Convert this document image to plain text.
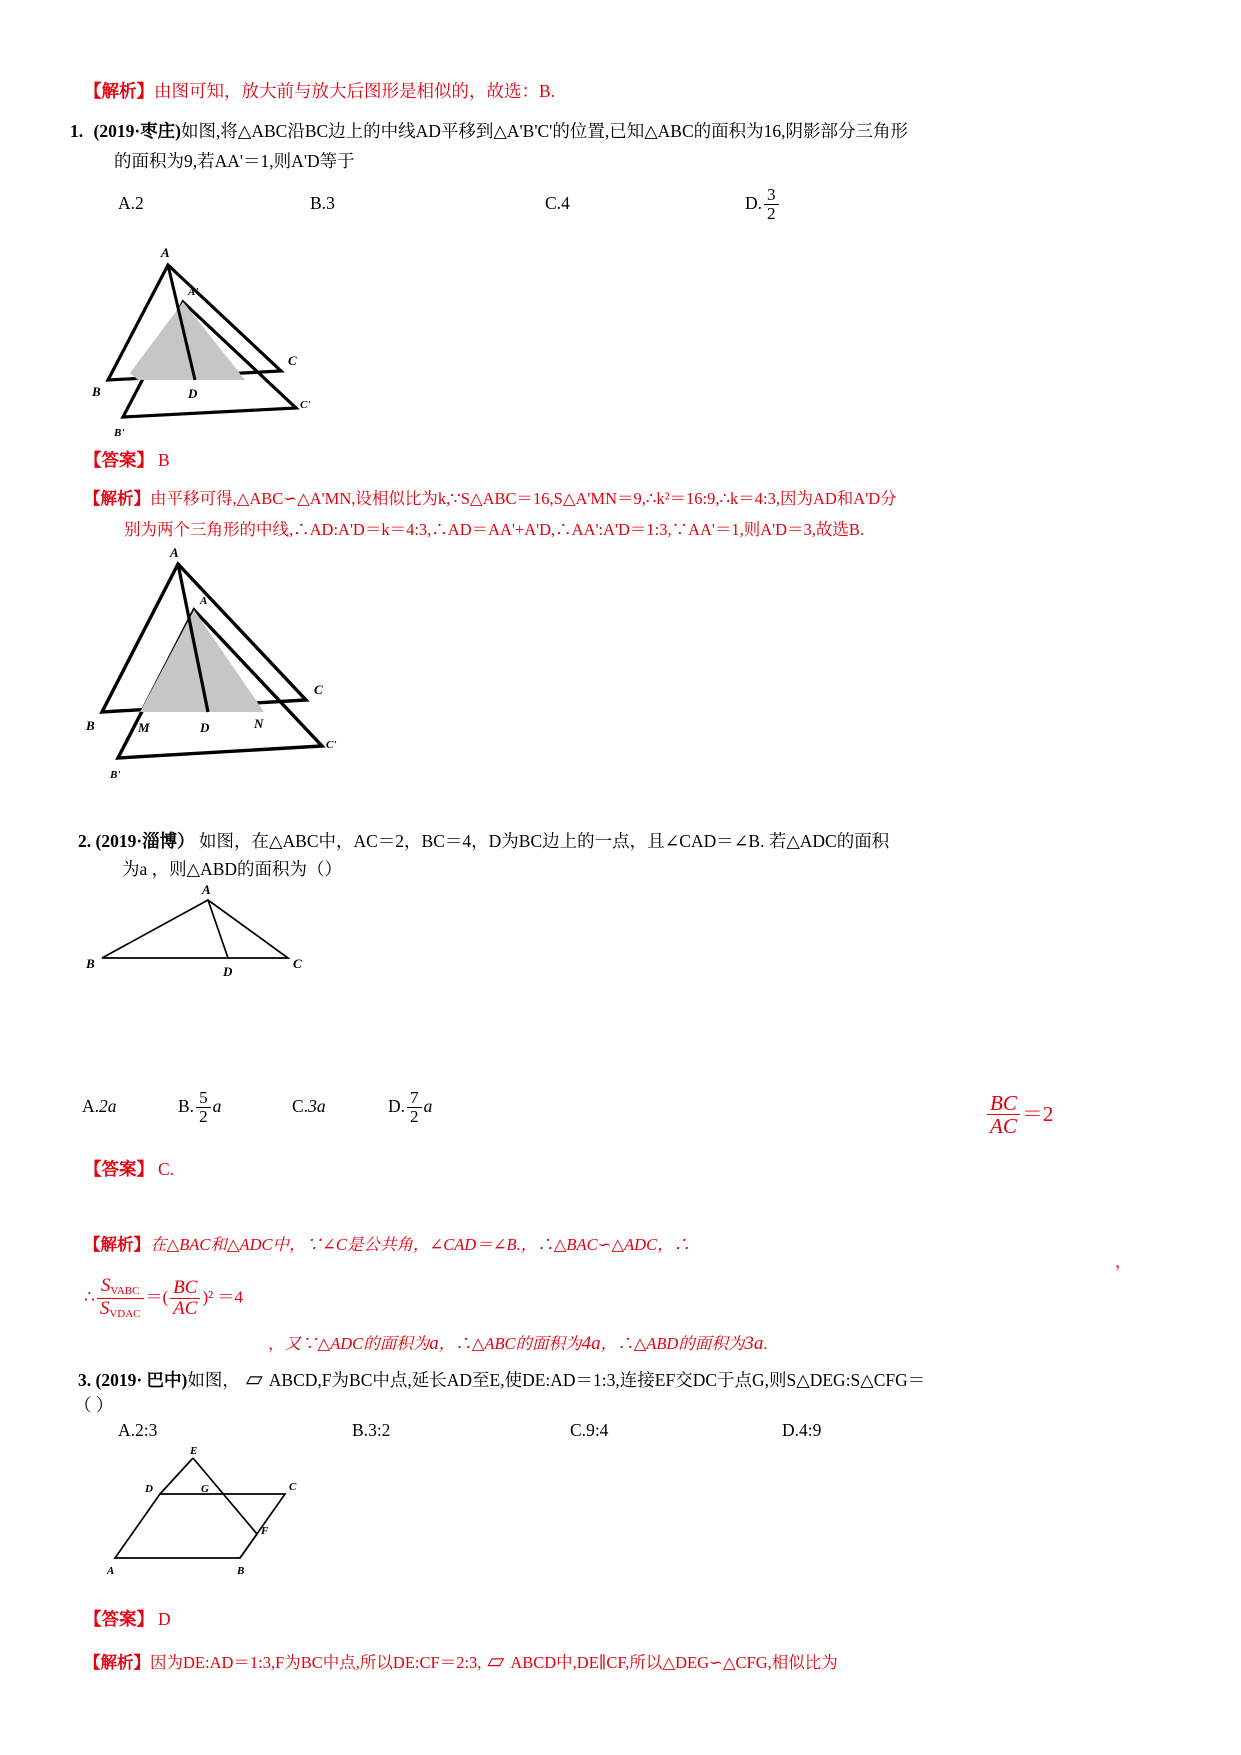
【解析】由图可知，放大前与放大后图形是相似的，故选：B.
1. (2019·枣庄)如图,将△ABC沿BC边上的中线AD平移到△A'B'C'的位置,已知△ABC的面积为16,阴影部分三角形
的面积为9,若AA'＝1,则A'D等于
A.2	B.3	C.4	D. $\frac{3}{2}$
A
A'
B
C
D
B'
C'
【答案】 B
【解析】由平移可得,△ABC∽△A'MN,设相似比为k,∵S△ABC＝16,S△A'MN＝9,∴k²＝16:9,∴k＝4:3,因为AD和A'D分
别为两个三角形的中线,∴AD:A'D＝k＝4:3,∴AD＝AA'+A'D,∴AA':A'D＝1:3,∵AA'＝1,则A'D＝3,故选B.
A
A'
B	M	D	N
C
B'
C'
2. (2019·淄博） 如图，在△ABC中，AC＝2，BC＝4，D为BC边上的一点，且∠CAD＝∠B. 若△ADC的面积
为a ，则△ABD的面积为（）
A
B
D
C
A.2a	B. $\frac{5}{2}$ a	C.3a	D. $\frac{7}{2}$ a
【答案】 C.
【解析】在△BAC和△ADC中，∵∠C是公共角，∠CAD＝∠B.，∴△BAC∽△ADC，∴
$\frac{BC}{AC} =2$
，
∴ $\frac{S_{VABC}}{S_{VDAC}}$ ＝( $\frac{BC}{AC} )^2 =4$
，又∵△ADC的面积为a，∴△ABC的面积为4a，∴△ABD的面积为3a.
3. (2019· 巴中)如图， ▱ ABCD,F为BC中点,延长AD至E,使DE:AD＝1:3,连接EF交DC于点G,则S△DEG:S△CFG＝
（ ）
A.2:3	B.3:2	C.9:4	D.4:9
E
D	G	C
F
A	B
【答案】 D
【解析】因为DE:AD＝1:3,F为BC中点,所以DE:CF＝2:3, ▱ ABCD中,DE∥CF,所以△DEG∽△CFG,相似比为
